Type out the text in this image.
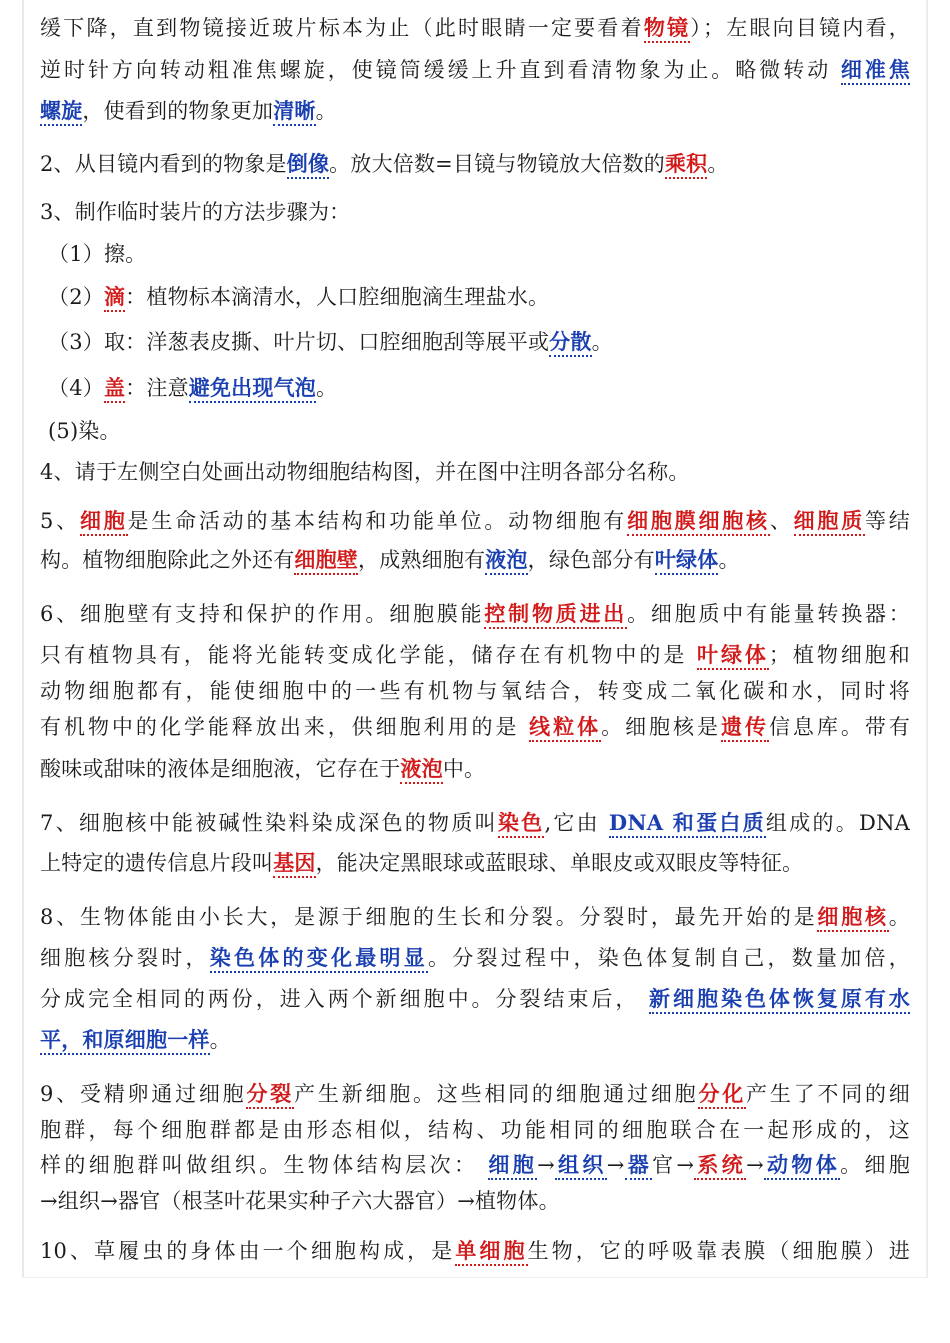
缓下降，直到物镜接近玻片标本为止（此时眼睛一定要看着物镜）；左眼向目镜内看，
逆时针方向转动粗准焦螺旋，使镜筒缓缓上升直到看清物象为止。略微转动 细准焦
螺旋，使看到的物象更加清晰。
2、从目镜内看到的物象是倒像。放大倍数=目镜与物镜放大倍数的乘积。
3、制作临时装片的方法步骤为：
（1）擦。
（2）滴：植物标本滴清水，人口腔细胞滴生理盐水。
（3）取：洋葱表皮撕、叶片切、口腔细胞刮等展平或分散。
（4）盖：注意避免出现气泡。
(5)染。
4、请于左侧空白处画出动物细胞结构图，并在图中注明各部分名称。
5、细胞是生命活动的基本结构和功能单位。动物细胞有细胞膜细胞核、细胞质等结
构。植物细胞除此之外还有细胞壁，成熟细胞有液泡，绿色部分有叶绿体。
6、细胞壁有支持和保护的作用。细胞膜能控制物质进出。细胞质中有能量转换器：
只有植物具有，能将光能转变成化学能，储存在有机物中的是 叶绿体；植物细胞和
动物细胞都有，能使细胞中的一些有机物与氧结合，转变成二氧化碳和水，同时将
有机物中的化学能释放出来，供细胞利用的是 线粒体。细胞核是遗传信息库。带有
酸味或甜味的液体是细胞液，它存在于液泡中。
7、细胞核中能被碱性染料染成深色的物质叫染色,它由 DNA 和蛋白质组成的。DNA
上特定的遗传信息片段叫基因，能决定黑眼球或蓝眼球、单眼皮或双眼皮等特征。
8、生物体能由小长大，是源于细胞的生长和分裂。分裂时，最先开始的是细胞核。
细胞核分裂时，染色体的变化最明显。分裂过程中，染色体复制自己，数量加倍，
分成完全相同的两份，进入两个新细胞中。分裂结束后， 新细胞染色体恢复原有水
平，和原细胞一样。
9、受精卵通过细胞分裂产生新细胞。这些相同的细胞通过细胞分化产生了不同的细
胞群，每个细胞群都是由形态相似，结构、功能相同的细胞联合在一起形成的，这
样的细胞群叫做组织。生物体结构层次： 细胞→组织→器官→系统→动物体。细胞
→组织→器官（根茎叶花果实种子六大器官）→植物体。
10、草履虫的身体由一个细胞构成，是单细胞生物，它的呼吸靠表膜（细胞膜）进
